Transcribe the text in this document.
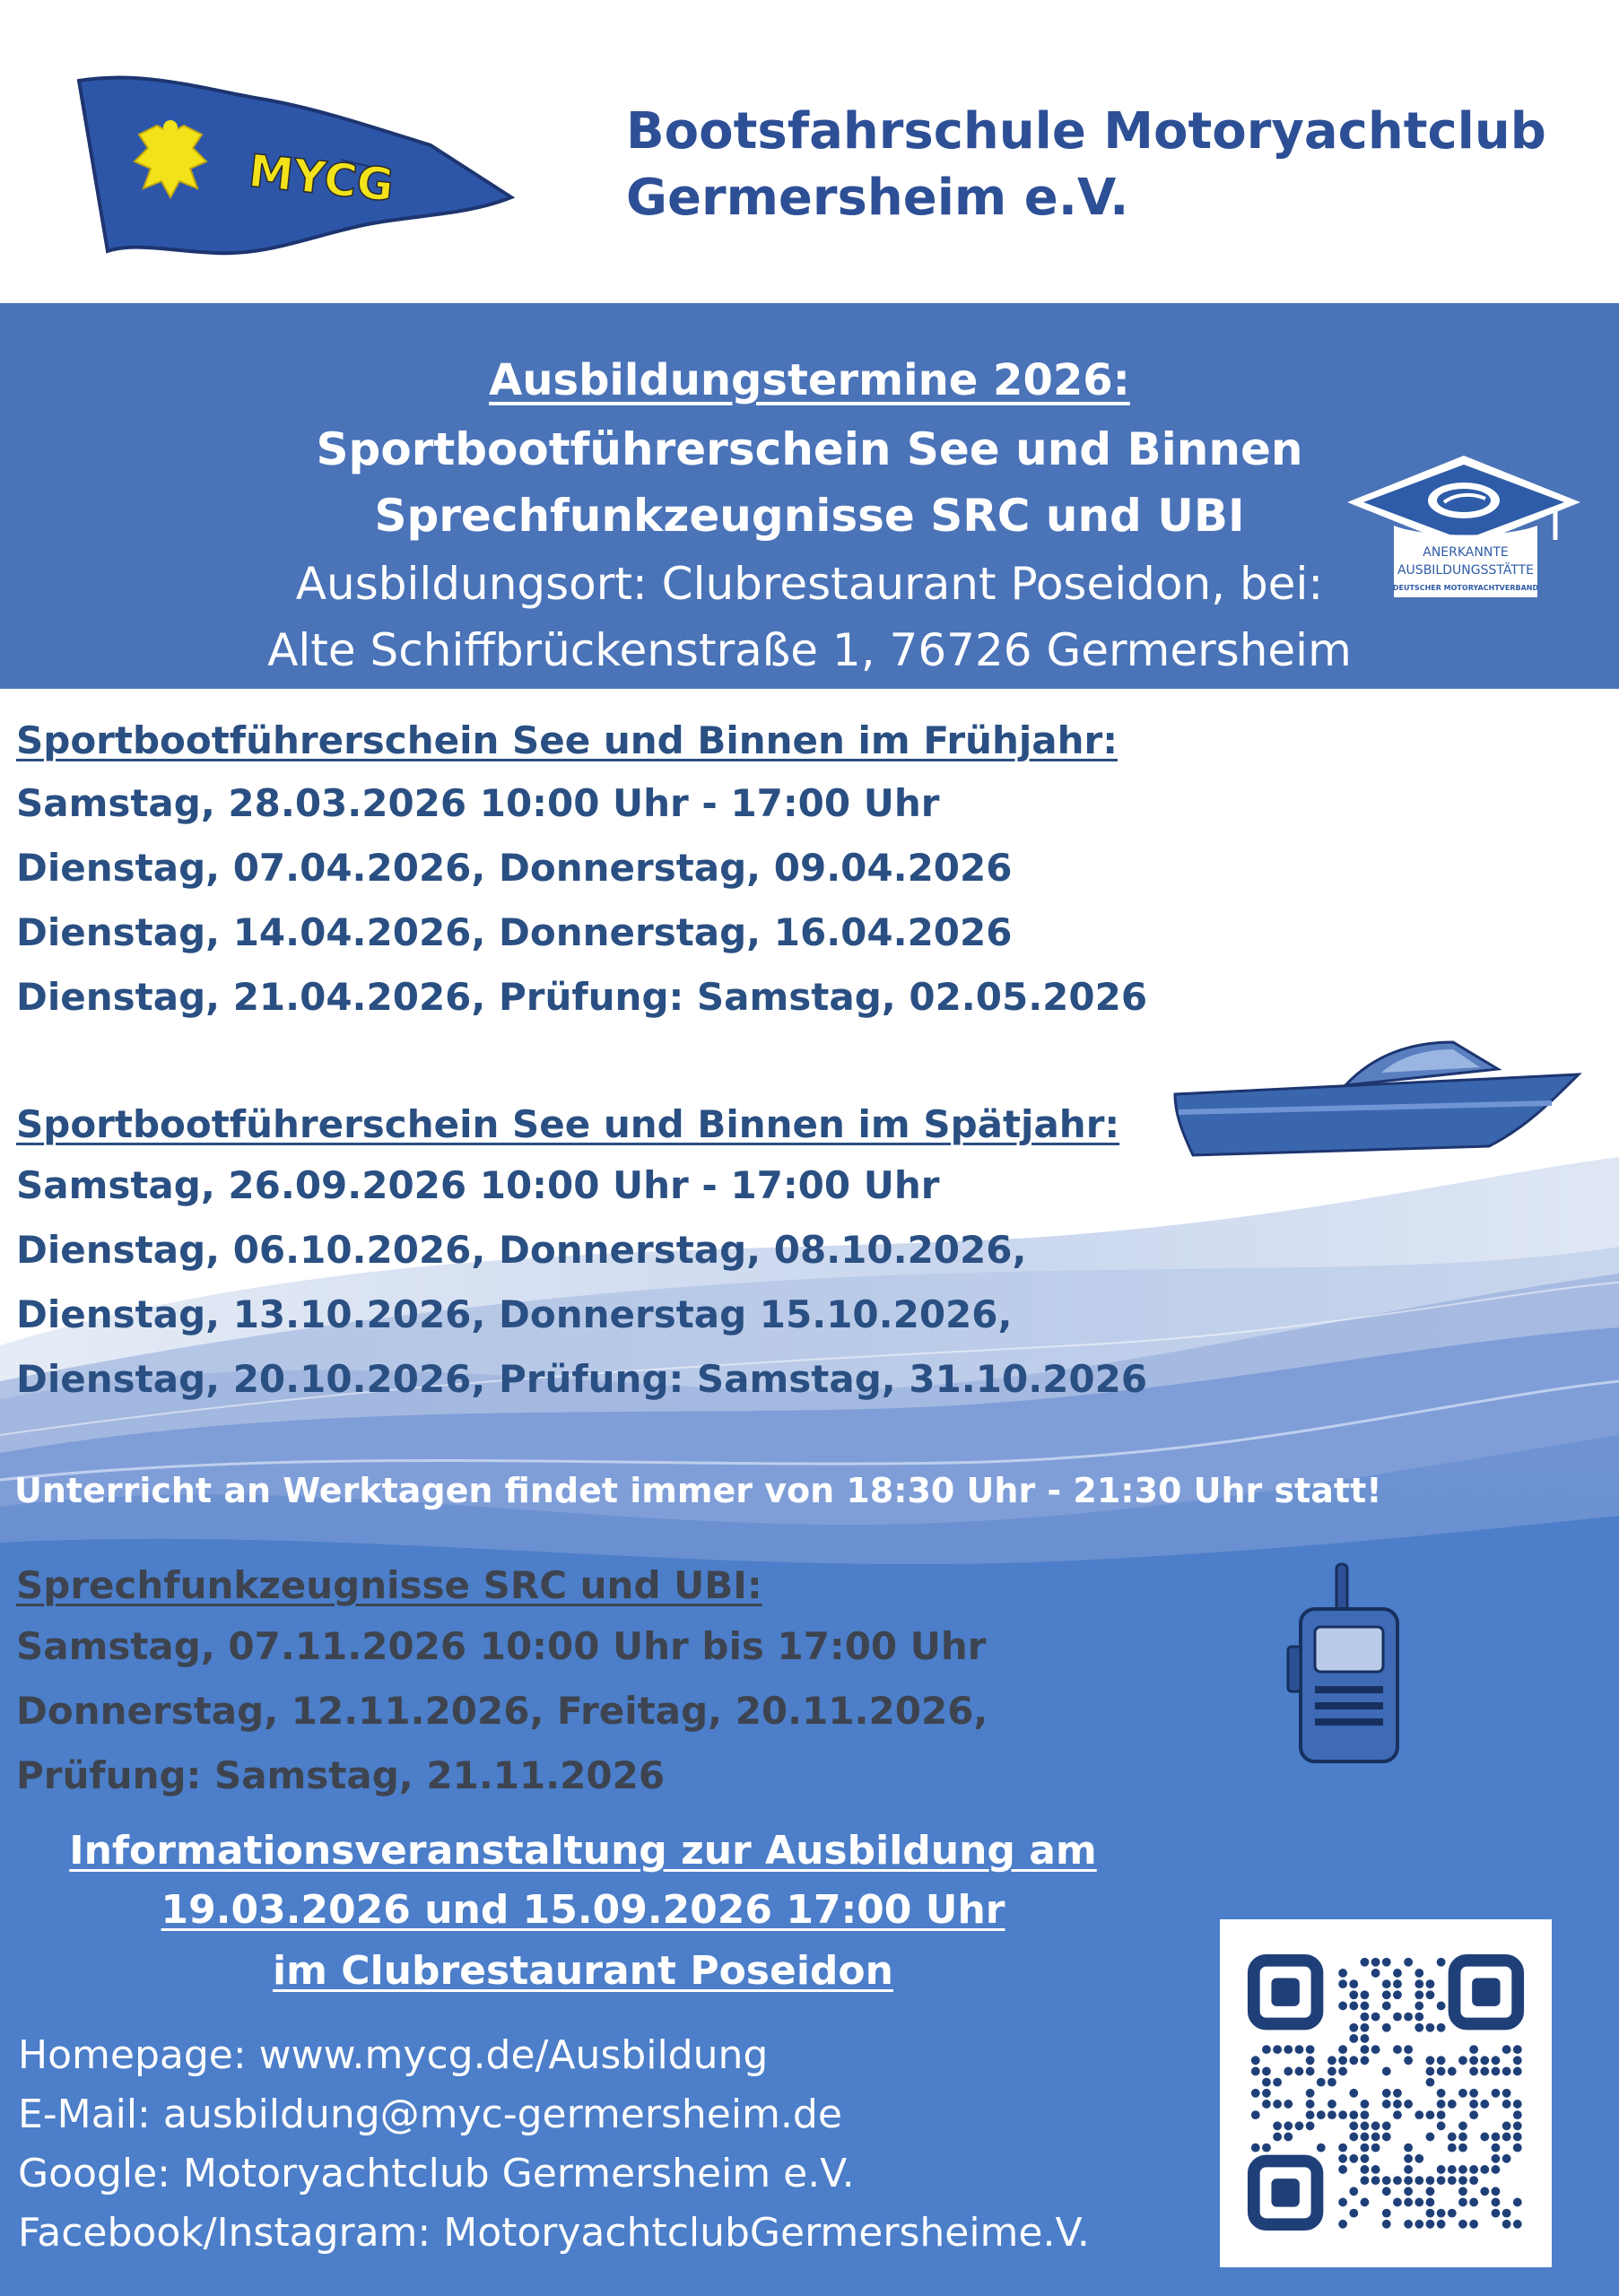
MYCG
Bootsfahrschule Motoryachtclub
Germersheim e.V.
Ausbildungstermine 2026:
Sportbootführerschein See und Binnen
Sprechfunkzeugnisse SRC und UBI
Ausbildungsort: Clubrestaurant Poseidon, bei:
Alte Schiffbrückenstraße 1, 76726 Germersheim
ANERKANNTE
AUSBILDUNGSSTÄTTE
DEUTSCHER MOTORYACHTVERBAND
Sportbootführerschein See und Binnen im Frühjahr:
Samstag, 28.03.2026 10:00 Uhr - 17:00 Uhr
Dienstag, 07.04.2026, Donnerstag, 09.04.2026
Dienstag, 14.04.2026, Donnerstag, 16.04.2026
Dienstag, 21.04.2026, Prüfung: Samstag, 02.05.2026
Sportbootführerschein See und Binnen im Spätjahr:
Samstag, 26.09.2026 10:00 Uhr - 17:00 Uhr
Dienstag, 06.10.2026, Donnerstag, 08.10.2026,
Dienstag, 13.10.2026, Donnerstag 15.10.2026,
Dienstag, 20.10.2026, Prüfung: Samstag, 31.10.2026
Unterricht an Werktagen findet immer von 18:30 Uhr - 21:30 Uhr statt!
Sprechfunkzeugnisse SRC und UBI:
Samstag, 07.11.2026 10:00 Uhr bis 17:00 Uhr
Donnerstag, 12.11.2026, Freitag, 20.11.2026,
Prüfung: Samstag, 21.11.2026
Informationsveranstaltung zur Ausbildung am
19.03.2026 und 15.09.2026 17:00 Uhr
im Clubrestaurant Poseidon
Homepage: www.mycg.de/Ausbildung
E-Mail: ausbildung@myc-germersheim.de
Google: Motoryachtclub Germersheim e.V.
Facebook/Instagram: MotoryachtclubGermersheime.V.
